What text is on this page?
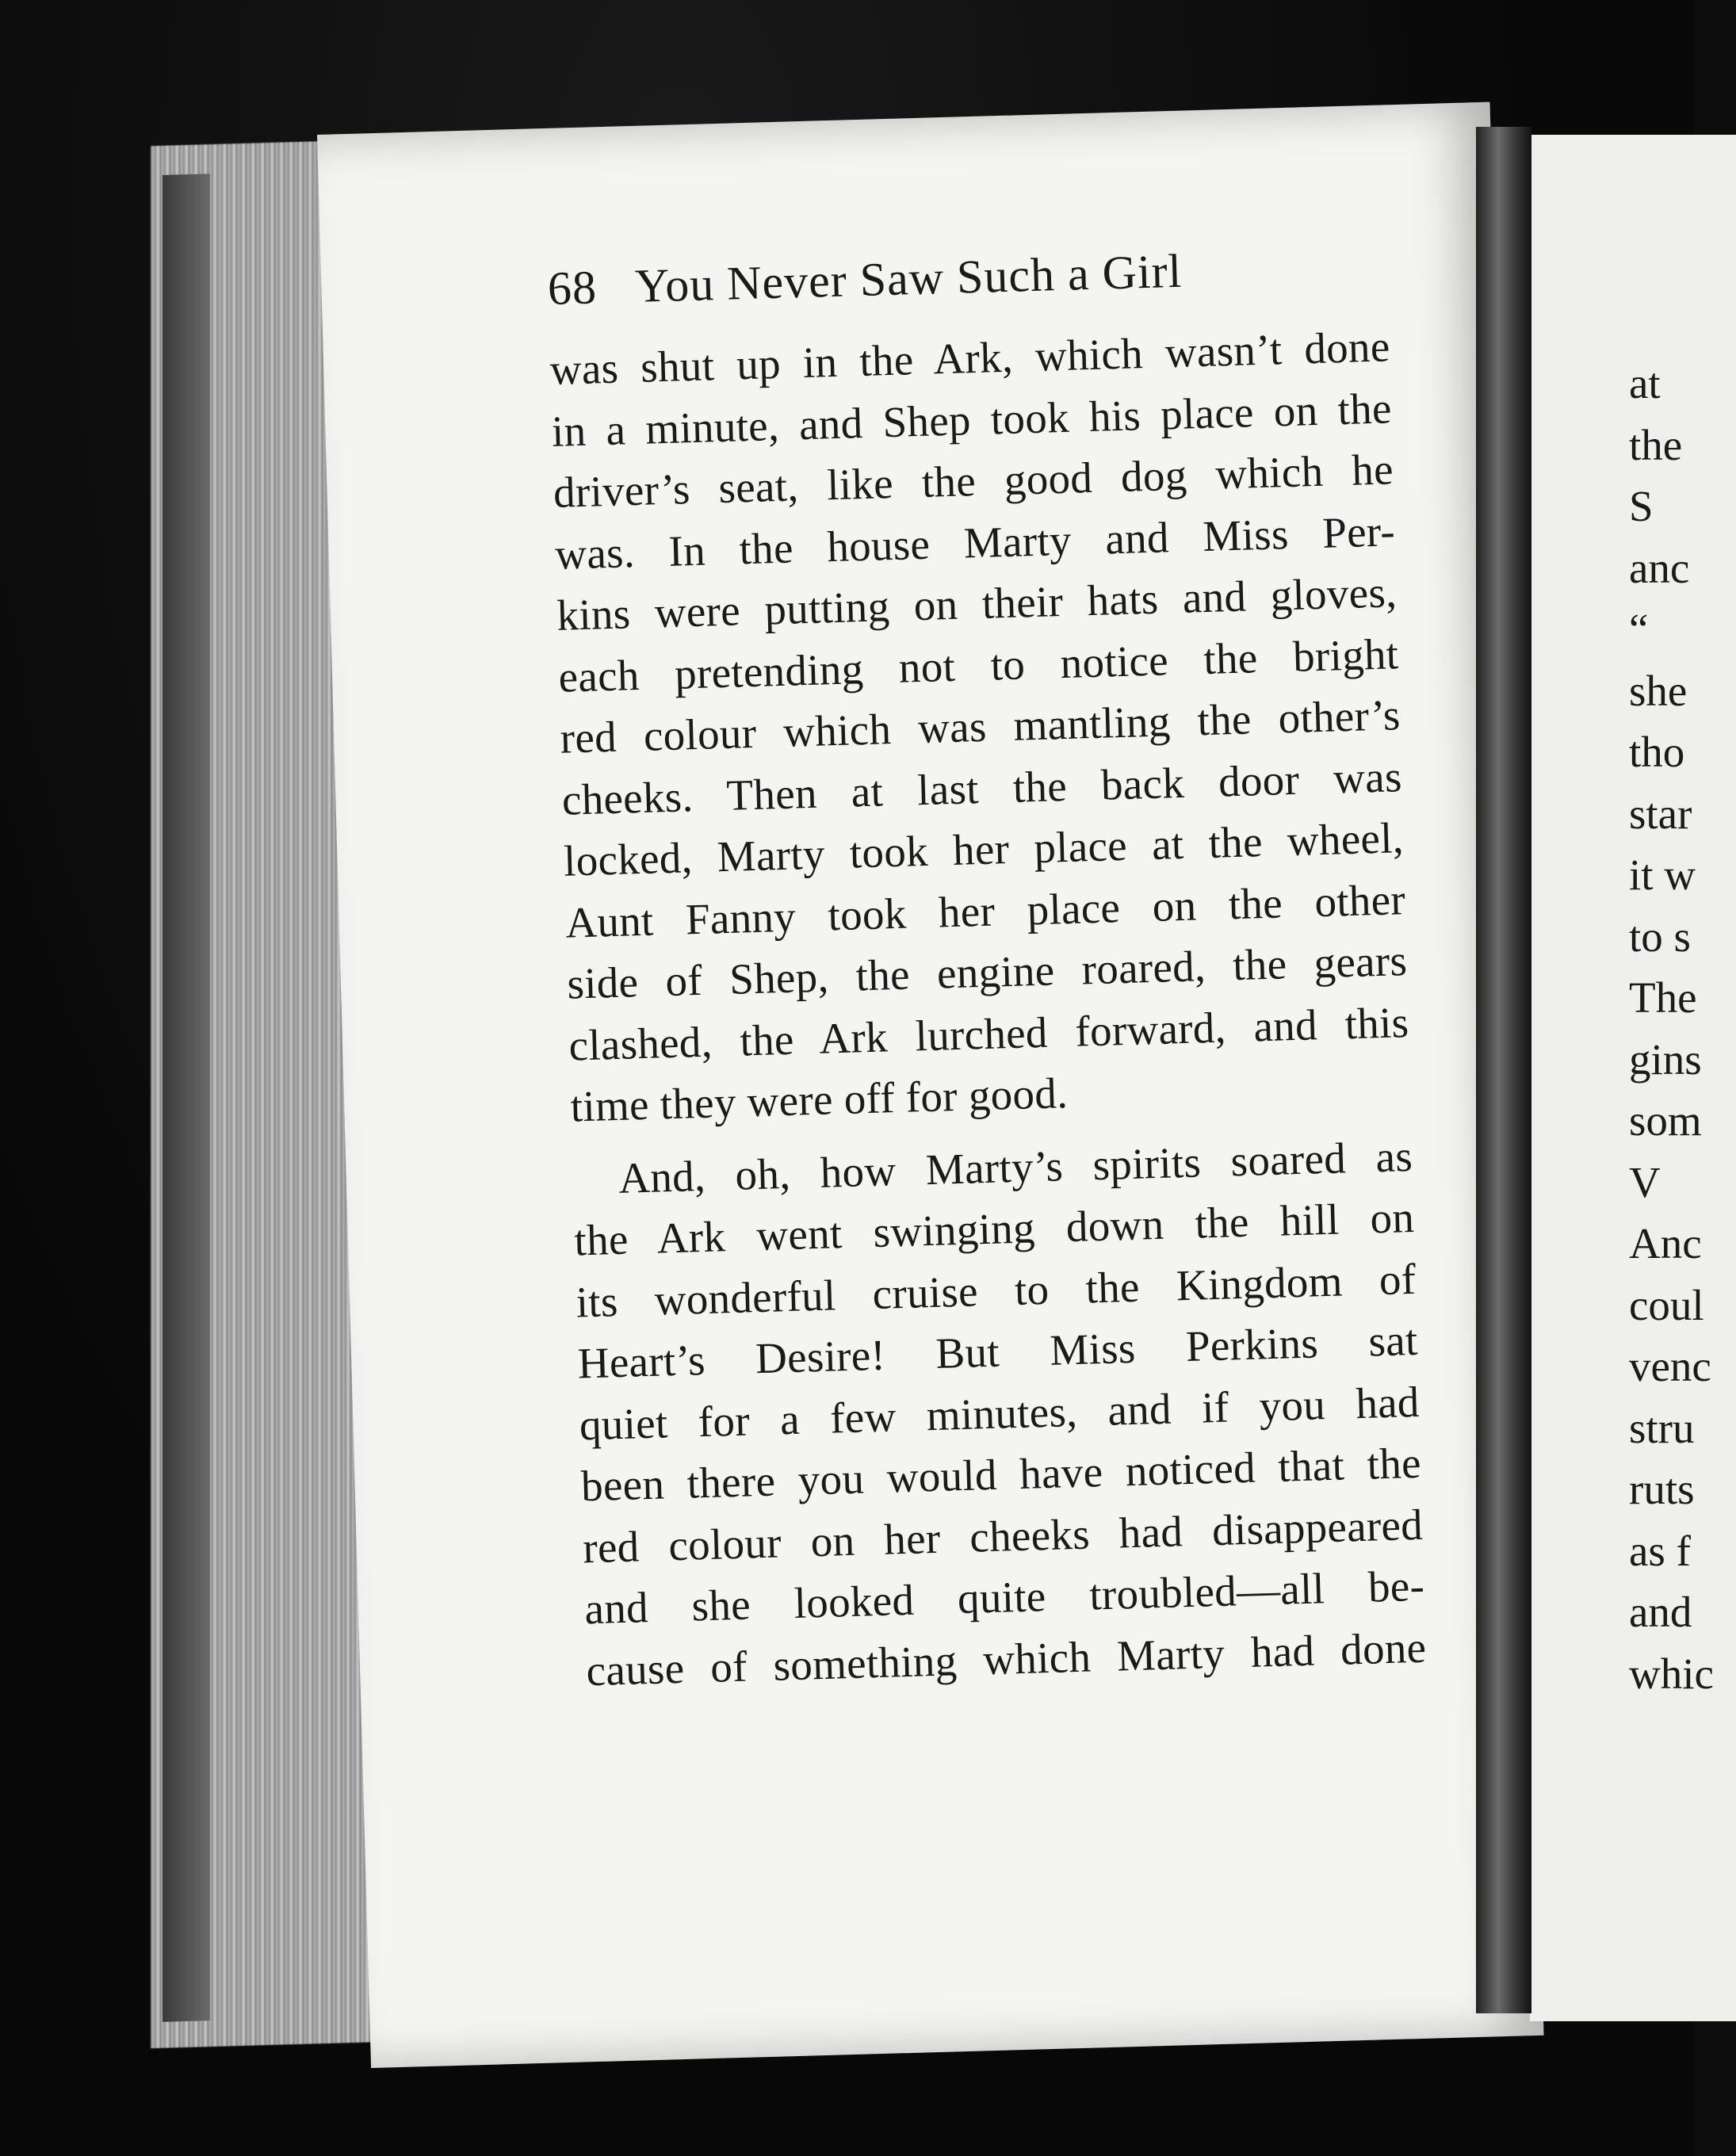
68 You Never Saw Such a Girl
was shut up in the Ark, which wasn’t done
in a minute, and Shep took his place on the
driver’s seat, like the good dog which he
was. In the house Marty and Miss Per-
kins were putting on their hats and gloves,
each pretending not to notice the bright
red colour which was mantling the other’s
cheeks. Then at last the back door was
locked, Marty took her place at the wheel,
Aunt Fanny took her place on the other
side of Shep, the engine roared, the gears
clashed, the Ark lurched forward, and this
time they were off for good.
And, oh, how Marty’s spirits soared as
the Ark went swinging down the hill on
its wonderful cruise to the Kingdom of
Heart’s Desire! But Miss Perkins sat
quiet for a few minutes, and if you had
been there you would have noticed that the
red colour on her cheeks had disappeared
and she looked quite troubled—all be-
cause of something which Marty had done
at
the
S
anc
“
she
tho
star
it w
to s
The
gins
som
V
Anc
coul
venc
stru
ruts
as f
and
whic
